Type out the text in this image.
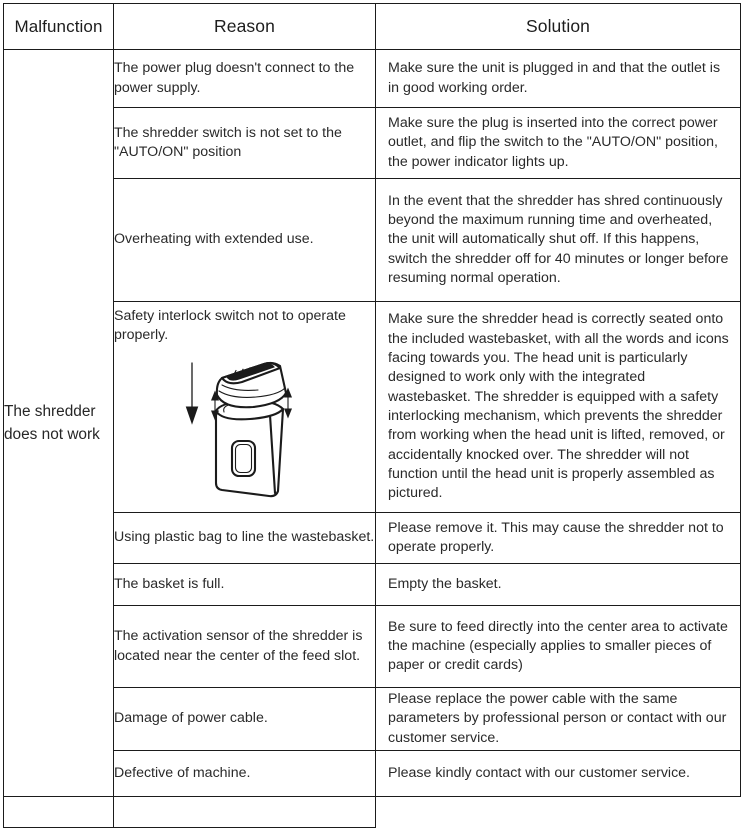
Malfunction	Reason	Solution
The shredder does not work	The power plug doesn't connect to the power supply.	Make sure the unit is plugged in and that the outlet is in good working order.
	The shredder switch is not set to the "AUTO/ON" position	Make sure the plug is inserted into the correct power outlet, and flip the switch to the "AUTO/ON" position, the power indicator lights up.
	Overheating with extended use.	In the event that the shredder has shred continuously beyond the maximum running time and overheated, the unit will automatically shut off. If this happens, switch the shredder off for 40 minutes or longer before resuming normal operation.
	Safety interlock switch not to operate properly.	Make sure the shredder head is correctly seated onto the included wastebasket, with all the words and icons facing towards you. The head unit is particularly designed to work only with the integrated wastebasket. The shredder is equipped with a safety interlocking mechanism, which prevents the shredder from working when the head unit is lifted, removed, or accidentally knocked over. The shredder will not function until the head unit is properly assembled as pictured.
	Using plastic bag to line the wastebasket.	Please remove it. This may cause the shredder not to operate properly.
	The basket is full.	Empty the basket.
	The activation sensor of the shredder is located near the center of the feed slot.	Be sure to feed directly into the center area to activate the machine (especially applies to smaller pieces of paper or credit cards)
	Damage of power cable.	Please replace the power cable with the same parameters by professional person or contact with our customer service.
	Defective of machine.	Please kindly contact with our customer service.
